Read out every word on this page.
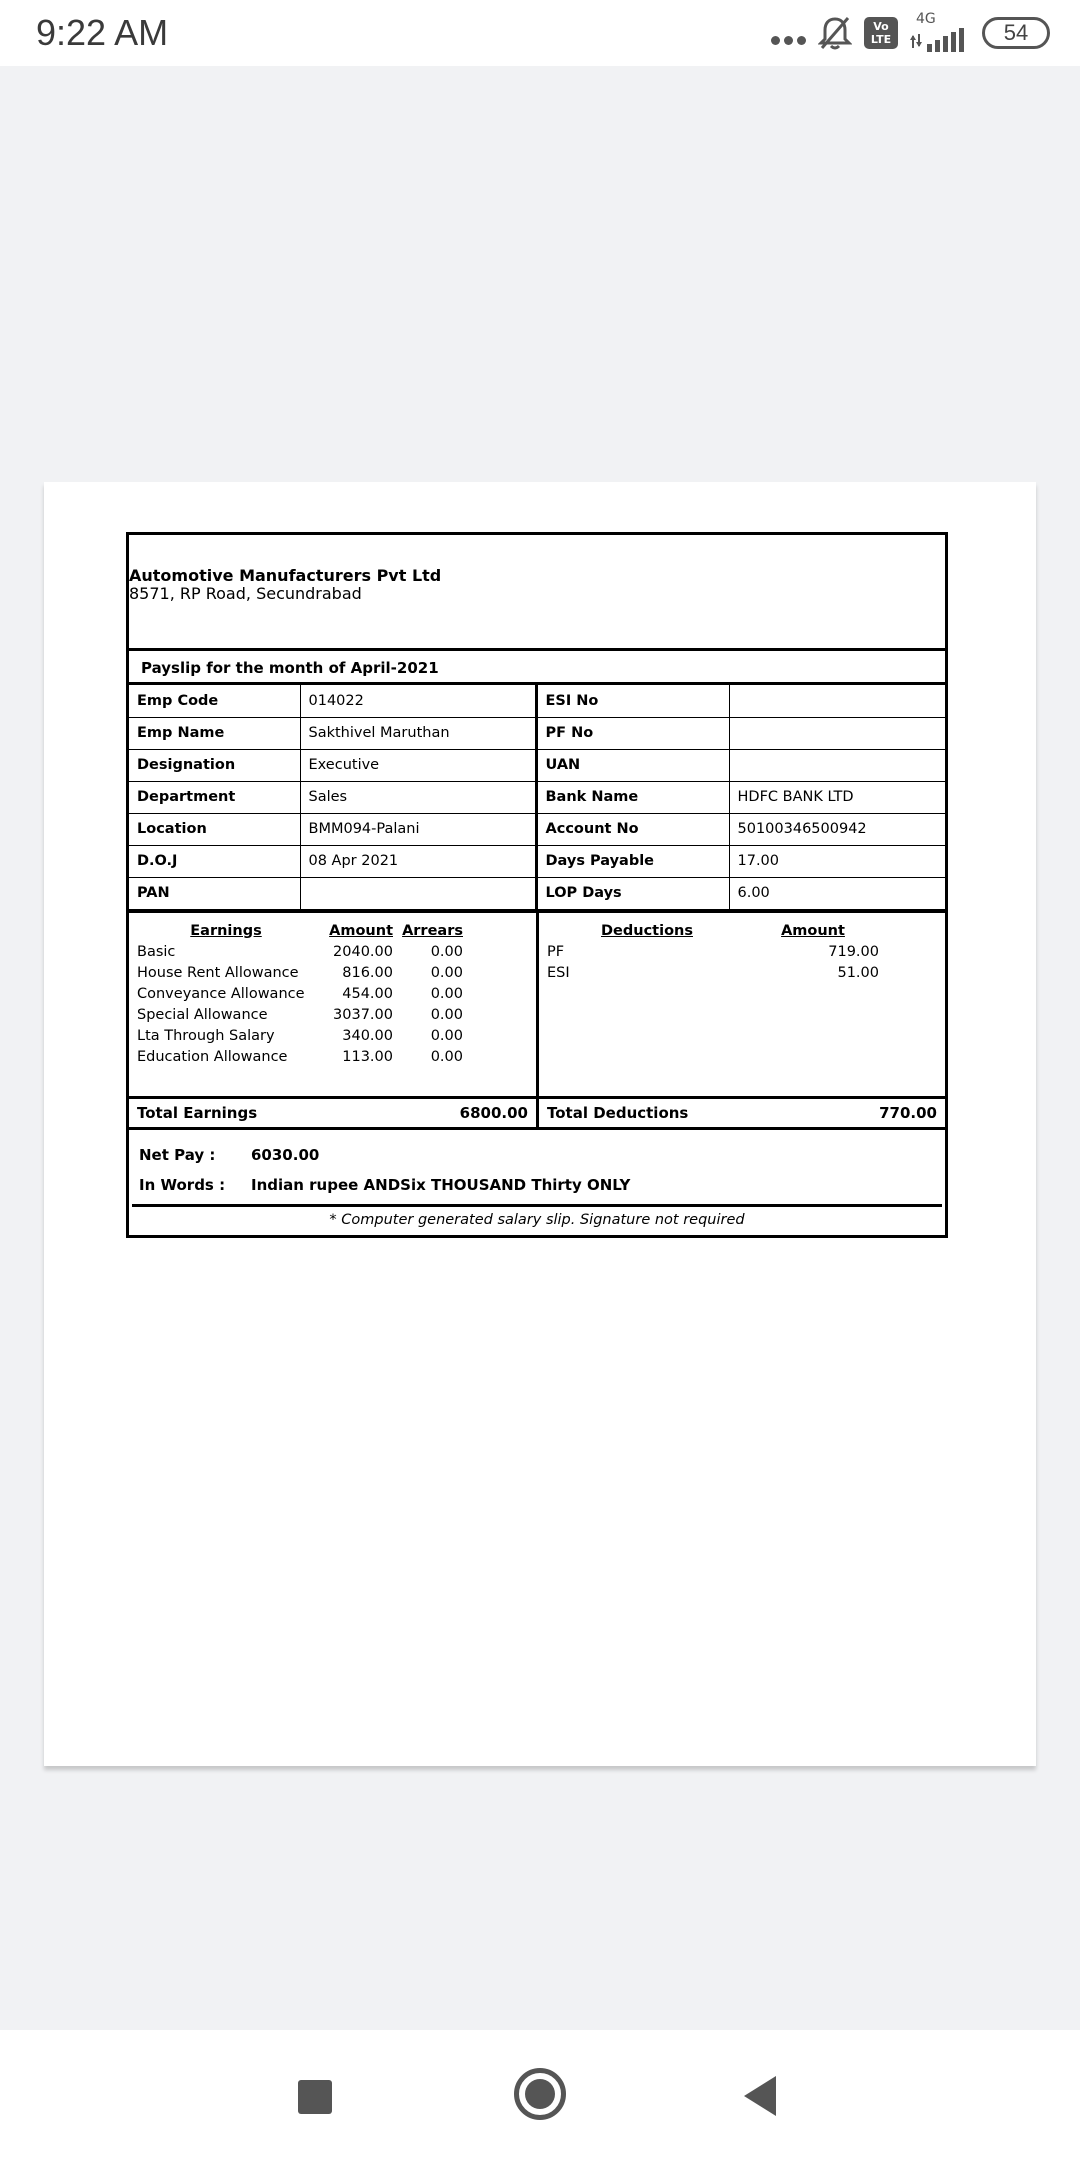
9:22 AM	Vo
LTE
4G
54
Automotive Manufacturers Pvt Ltd
8571, RP Road, Secundrabad
Payslip for the month of April-2021
Emp Code	014022	ESI No	
Emp Name	Sakthivel Maruthan	PF No	
Designation	Executive	UAN	
Department	Sales	Bank Name	HDFC BANK LTD
Location	BMM094-Palani	Account No	50100346500942
D.O.J	08 Apr 2021	Days Payable	17.00
PAN		LOP Days	6.00
Earnings	Amount Arrears
Basic	2040.00	0.00
House Rent Allowance	816.00	0.00
Conveyance Allowance	454.00	0.00
Special Allowance	3037.00	0.00
Lta Through Salary	340.00	0.00
Education Allowance	113.00	0.00
Deductions	Amount
PF	719.00
ESI	51.00
Total Earnings	6800.00 Total Deductions	770.00
Net Pay :	6030.00
In Words :	Indian rupee ANDSix THOUSAND Thirty ONLY
* Computer generated salary slip. Signature not required
